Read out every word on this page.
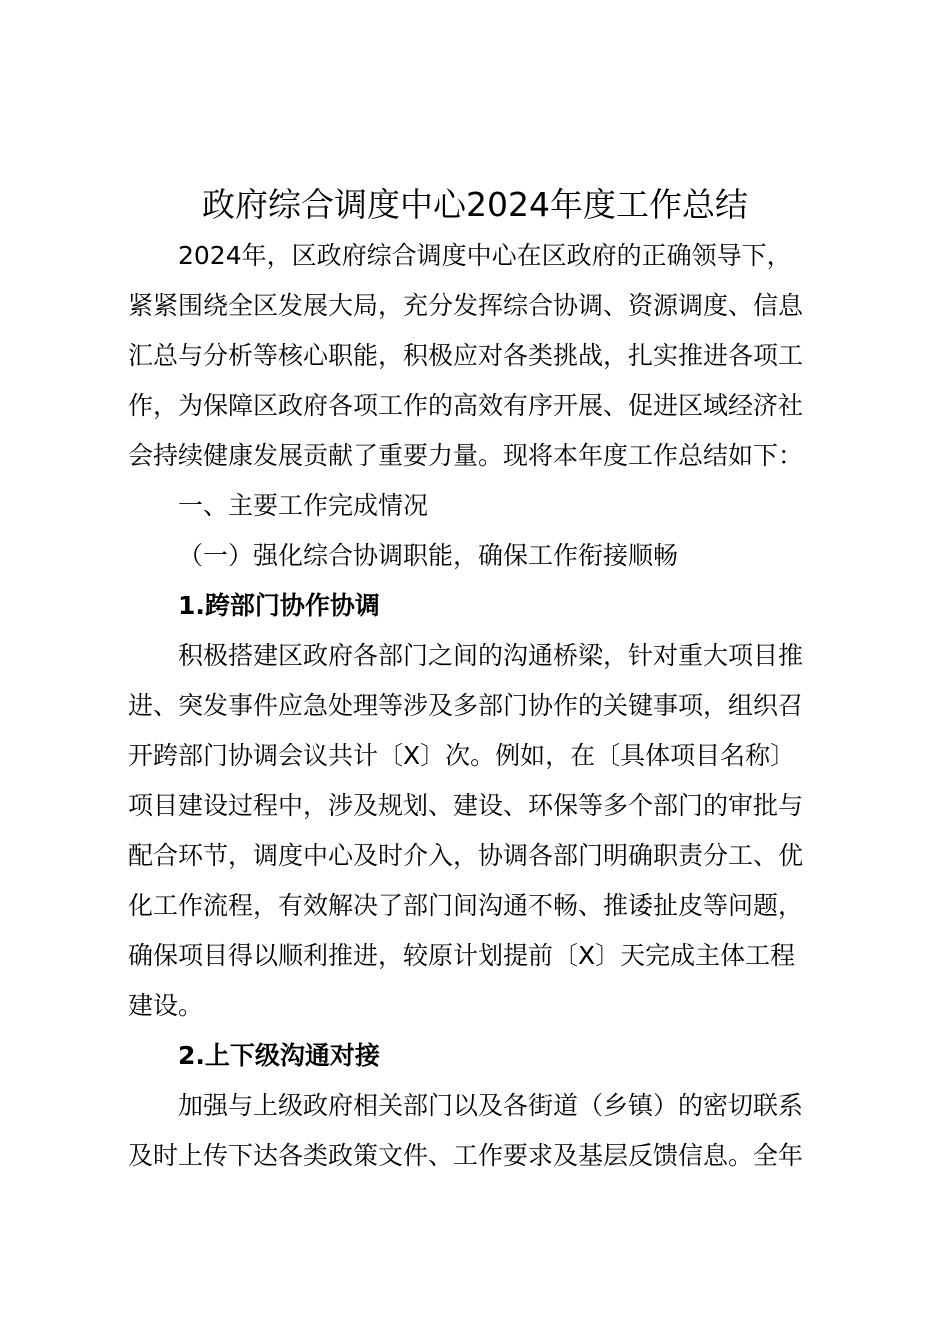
政府综合调度中心2024年度工作总结

2024年，区政府综合调度中心在区政府的正确领导下，

紧紧围绕全区发展大局，充分发挥综合协调、资源调度、信息

汇总与分析等核心职能，积极应对各类挑战，扎实推进各项工

作，为保障区政府各项工作的高效有序开展、促进区域经济社

会持续健康发展贡献了重要力量。现将本年度工作总结如下：

一、主要工作完成情况

（一）强化综合协调职能，确保工作衔接顺畅

1.跨部门协作协调

积极搭建区政府各部门之间的沟通桥梁，针对重大项目推

进、突发事件应急处理等涉及多部门协作的关键事项，组织召

开跨部门协调会议共计〔X〕次。例如，在〔具体项目名称〕

项目建设过程中，涉及规划、建设、环保等多个部门的审批与

配合环节，调度中心及时介入，协调各部门明确职责分工、优

化工作流程，有效解决了部门间沟通不畅、推诿扯皮等问题，

确保项目得以顺利推进，较原计划提前〔X〕天完成主体工程

建设。

2.上下级沟通对接

加强与上级政府相关部门以及各街道（乡镇）的密切联系

及时上传下达各类政策文件、工作要求及基层反馈信息。全年
